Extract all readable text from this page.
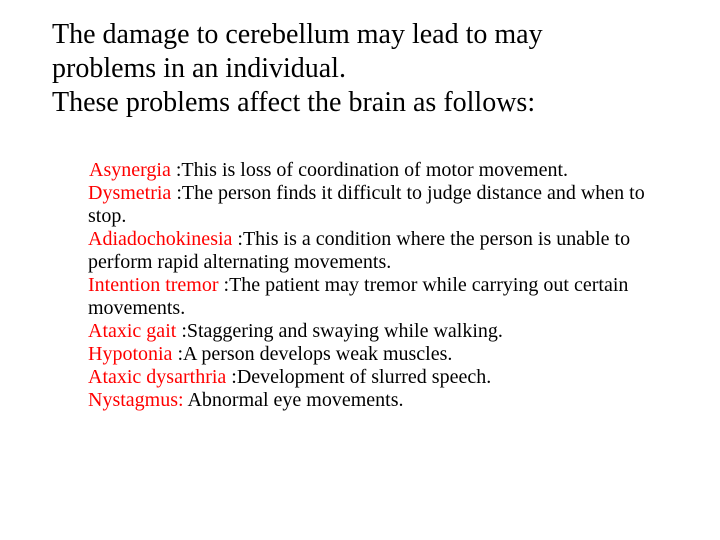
The damage to cerebellum may lead to may
problems in an individual.
These problems affect the brain as follows:
Asynergia :This is loss of coordination of motor movement.
Dysmetria :The person finds it difficult to judge distance and when to stop.
Adiadochokinesia :This is a condition where the person is unable to perform rapid alternating movements.
Intention tremor :The patient may tremor while carrying out certain movements.
Ataxic gait :Staggering and swaying while walking.
Hypotonia :A person develops weak muscles.
Ataxic dysarthria :Development of slurred speech.
Nystagmus: Abnormal eye movements.
